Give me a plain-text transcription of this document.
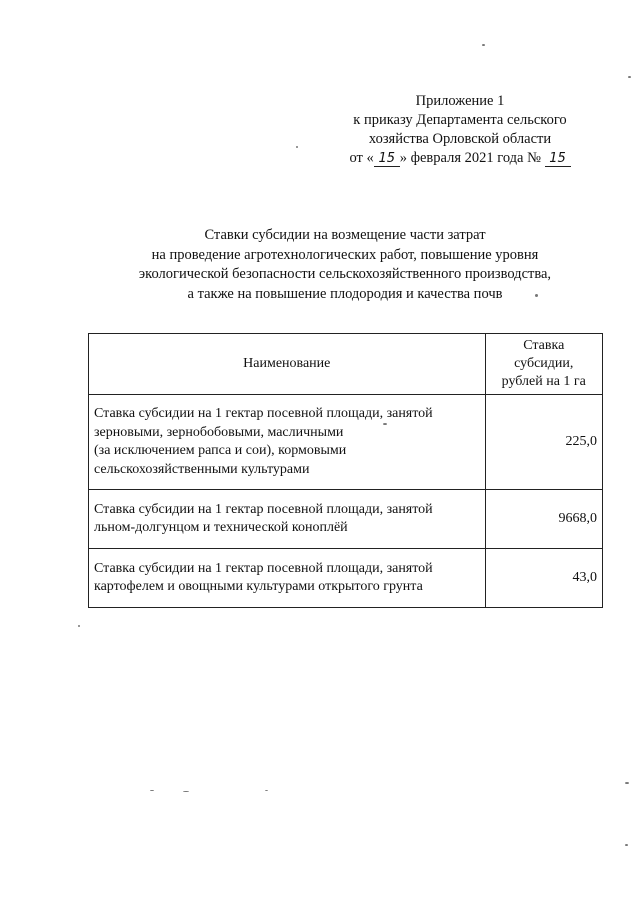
Приложение 1
к приказу Департамента сельского
хозяйства Орловской области
от « 15 » февраля 2021 года № 15
Ставки субсидии на возмещение части затрат
на проведение агротехнологических работ, повышение уровня
экологической безопасности сельскохозяйственного производства,
а также на повышение плодородия и качества почв
Наименование	Ставка
субсидии,
рублей на 1 га

Ставка субсидии на 1 гектар посевной площади, занятой
зерновыми, зернобобовыми, масличными
(за исключением рапса и сои), кормовыми
сельскохозяйственными культурами	225,0

Ставка субсидии на 1 гектар посевной площади, занятой
льном-долгунцом и технической коноплёй	9668,0

Ставка субсидии на 1 гектар посевной площади, занятой
картофелем и овощными культурами открытого грунта	43,0
